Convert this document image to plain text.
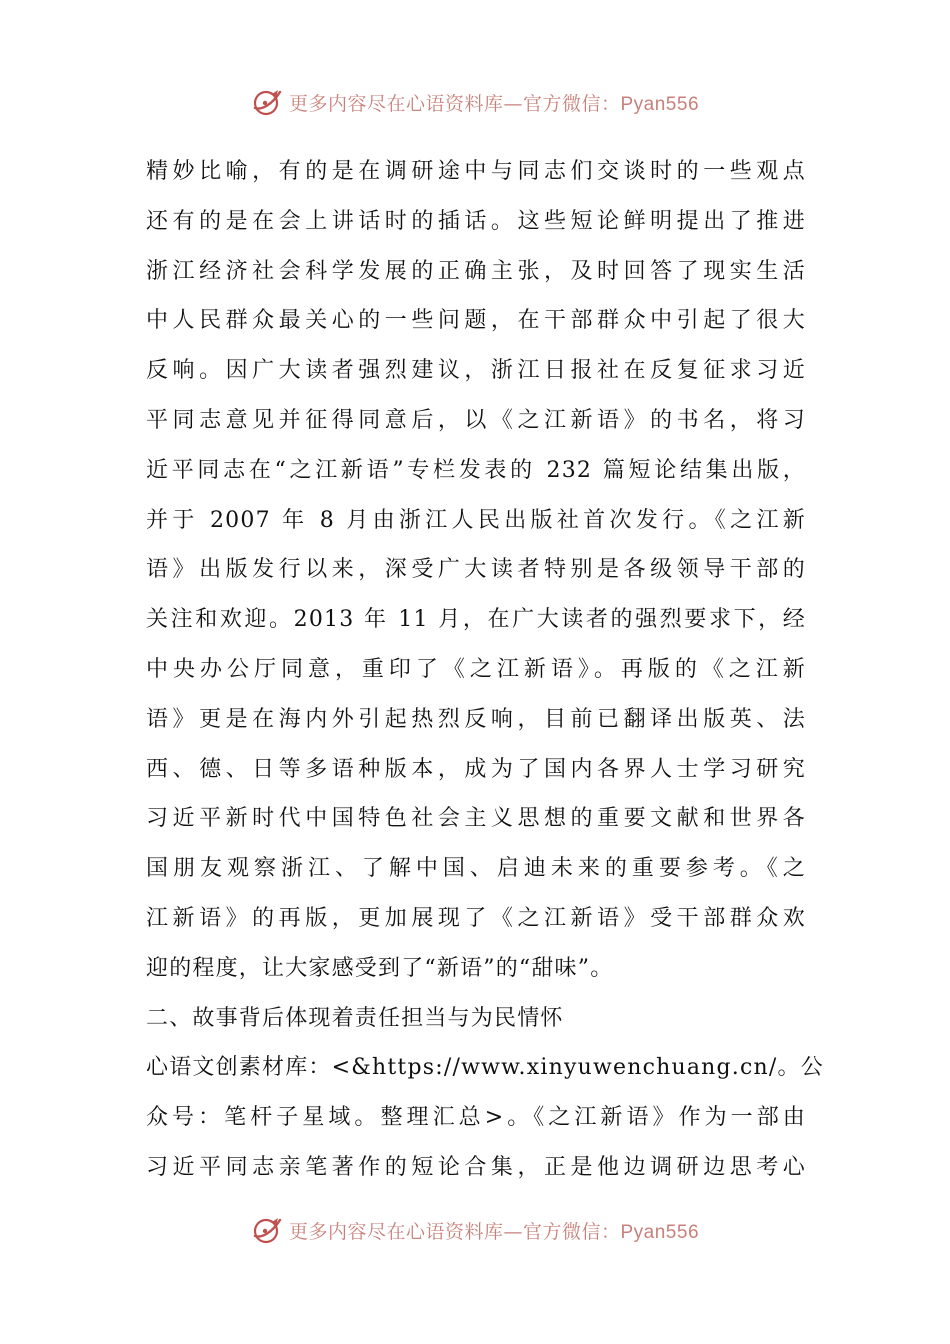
更多内容尽在心语资料库—官方微信：Pyan556
精妙比喻，有的是在调研途中与同志们交谈时的一些观点
还有的是在会上讲话时的插话。这些短论鲜明提出了推进
浙江经济社会科学发展的正确主张，及时回答了现实生活
中人民群众最关心的一些问题，在干部群众中引起了很大
反响。因广大读者强烈建议，浙江日报社在反复征求习近
平同志意见并征得同意后，以《之江新语》的书名，将习
近平同志在“之江新语”专栏发表的 232 篇短论结集出版，
并于 2007 年 8 月由浙江人民出版社首次发行。《之江新
语》出版发行以来，深受广大读者特别是各级领导干部的
关注和欢迎。2013 年 11 月，在广大读者的强烈要求下，经
中央办公厅同意，重印了《之江新语》。再版的《之江新
语》更是在海内外引起热烈反响，目前已翻译出版英、法
西、德、日等多语种版本，成为了国内各界人士学习研究
习近平新时代中国特色社会主义思想的重要文献和世界各
国朋友观察浙江、了解中国、启迪未来的重要参考。《之
江新语》的再版，更加展现了《之江新语》受干部群众欢
迎的程度，让大家感受到了“新语”的“甜味”。
二、故事背后体现着责任担当与为民情怀
心语文创素材库：<&https://www.xinyuwenchuang.cn/。公
众号：笔杆子星域。整理汇总>。《之江新语》作为一部由
习近平同志亲笔著作的短论合集，正是他边调研边思考心
更多内容尽在心语资料库—官方微信：Pyan556
